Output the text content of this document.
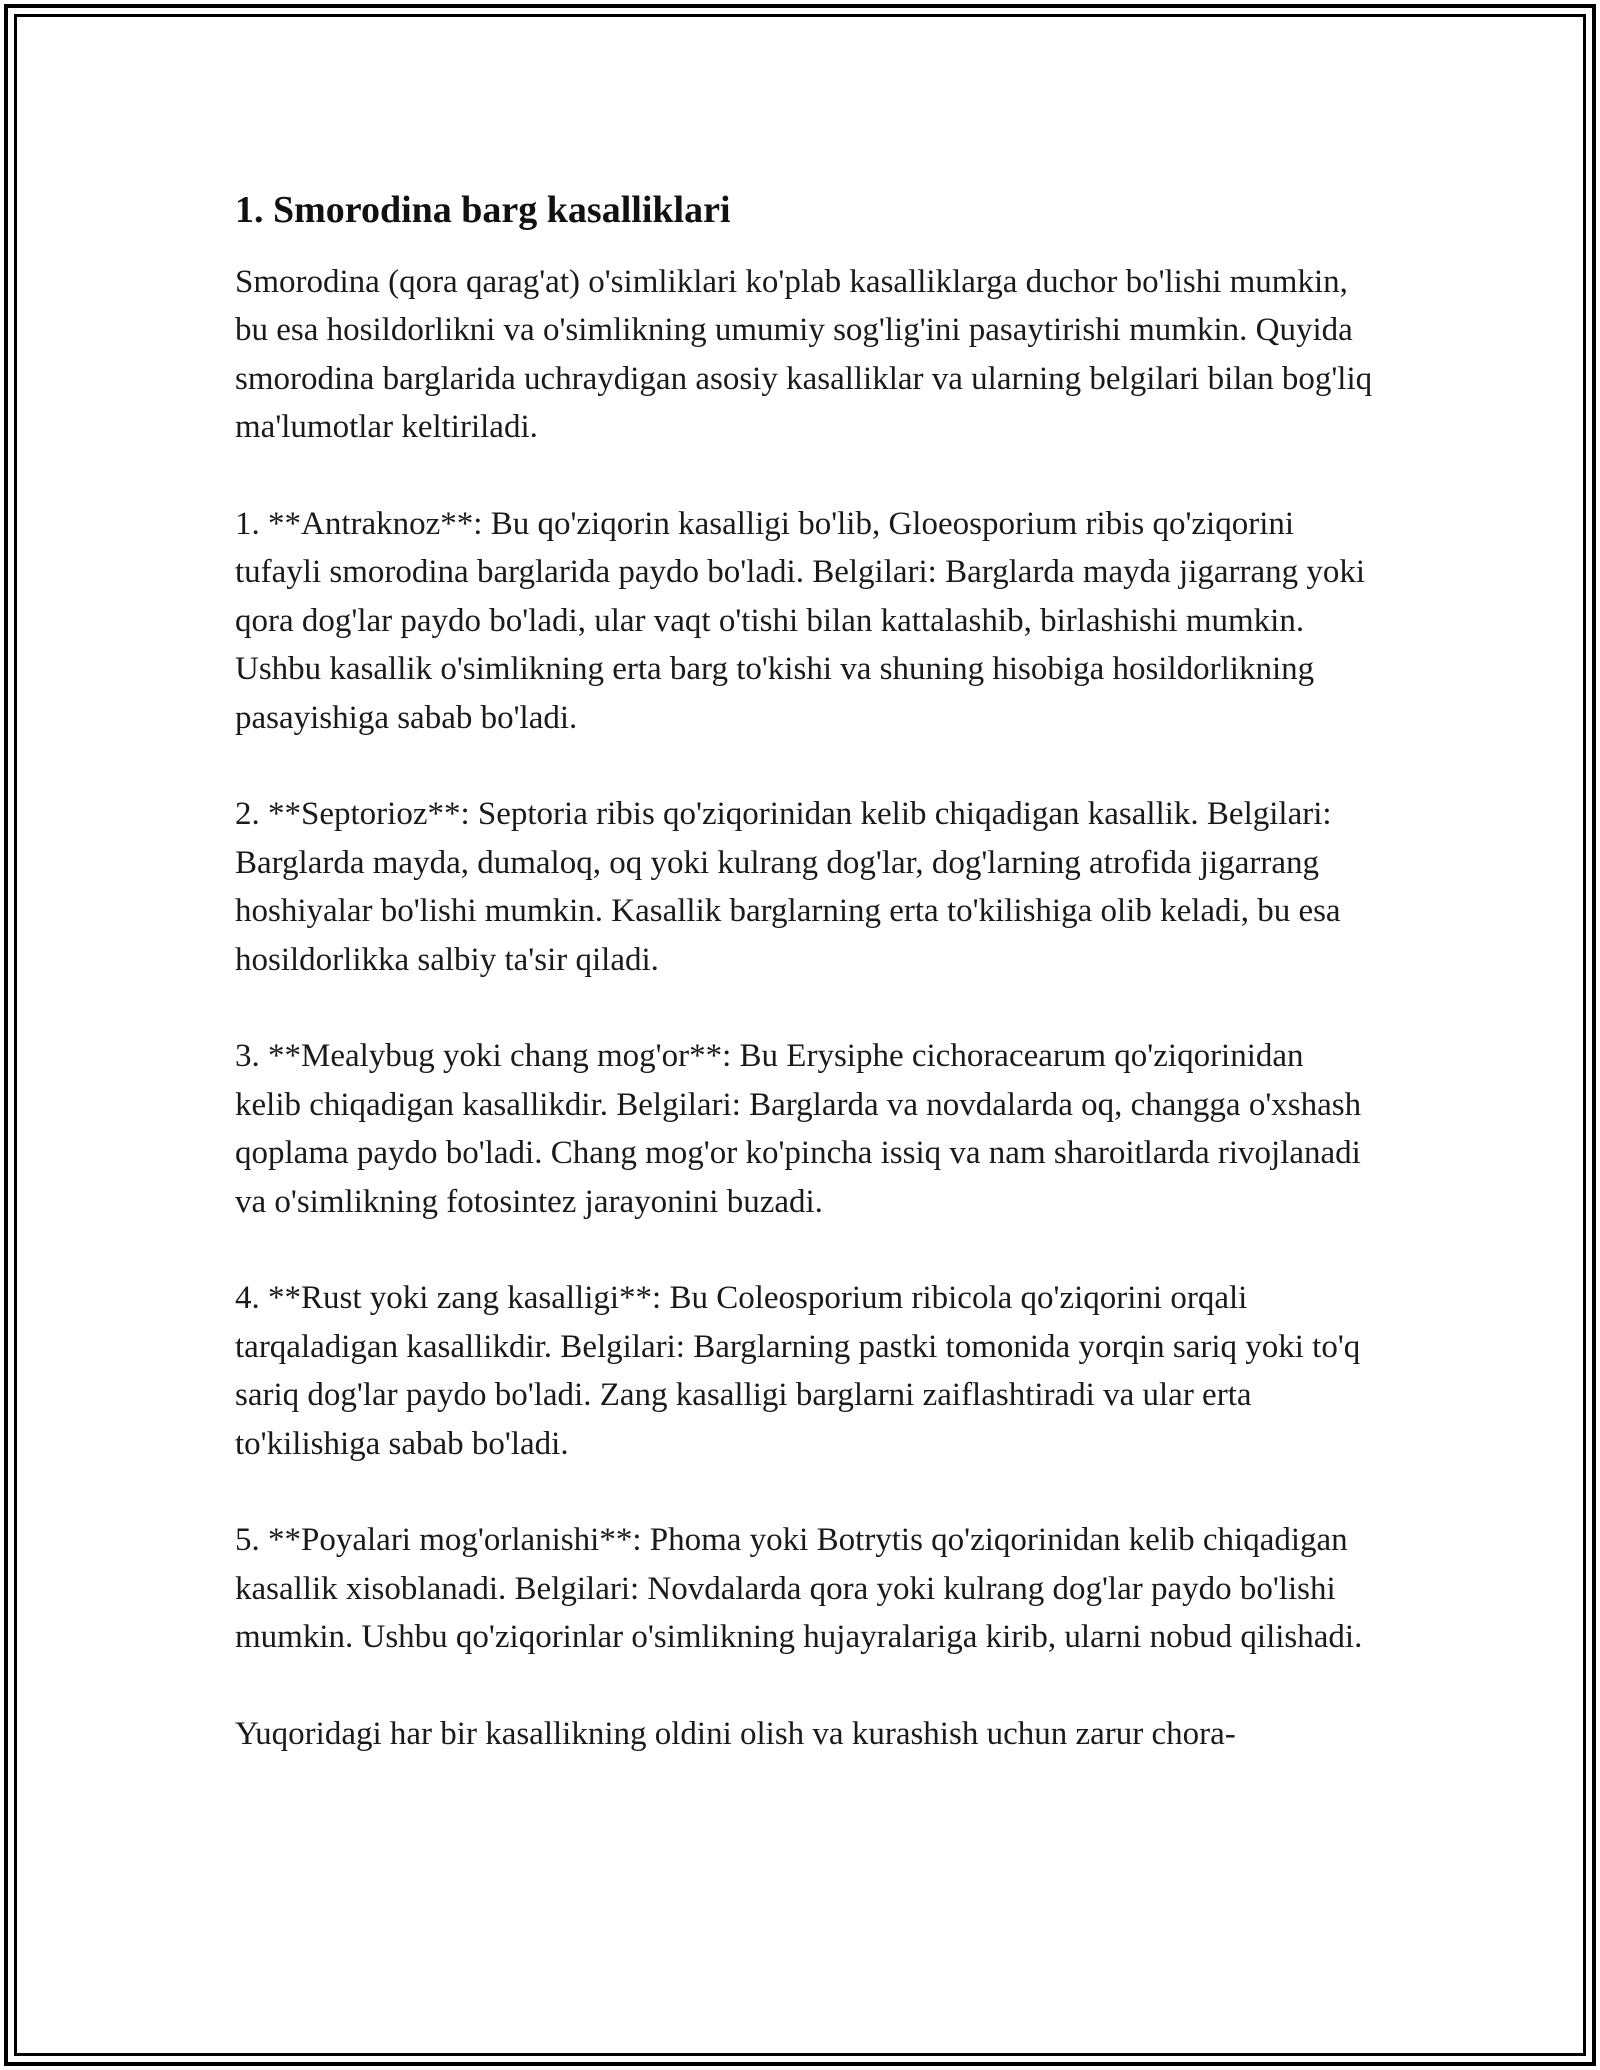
1. Smorodina barg kasalliklari

Smorodina (qora qarag'at) o'simliklari ko'plab kasalliklarga duchor bo'lishi mumkin, bu esa hosildorlikni va o'simlikning umumiy sog'lig'ini pasaytirishi mumkin. Quyida smorodina barglarida uchraydigan asosiy kasalliklar va ularning belgilari bilan bog'liq ma'lumotlar keltiriladi.

1. **Antraknoz**: Bu qo'ziqorin kasalligi bo'lib, Gloeosporium ribis qo'ziqorini tufayli smorodina barglarida paydo bo'ladi. Belgilari: Barglarda mayda jigarrang yoki qora dog'lar paydo bo'ladi, ular vaqt o'tishi bilan kattalashib, birlashishi mumkin. Ushbu kasallik o'simlikning erta barg to'kishi va shuning hisobiga hosildorlikning pasayishiga sabab bo'ladi.

2. **Septorioz**: Septoria ribis qo'ziqorinidan kelib chiqadigan kasallik. Belgilari: Barglarda mayda, dumaloq, oq yoki kulrang dog'lar, dog'larning atrofida jigarrang hoshiyalar bo'lishi mumkin. Kasallik barglarning erta to'kilishiga olib keladi, bu esa hosildorlikka salbiy ta'sir qiladi.

3. **Mealybug yoki chang mog'or**: Bu Erysiphe cichoracearum qo'ziqorinidan kelib chiqadigan kasallikdir. Belgilari: Barglarda va novdalarda oq, changga o'xshash qoplama paydo bo'ladi. Chang mog'or ko'pincha issiq va nam sharoitlarda rivojlanadi va o'simlikning fotosintez jarayonini buzadi.

4. **Rust yoki zang kasalligi**: Bu Coleosporium ribicola qo'ziqorini orqali tarqaladigan kasallikdir. Belgilari: Barglarning pastki tomonida yorqin sariq yoki to'q sariq dog'lar paydo bo'ladi. Zang kasalligi barglarni zaiflashtiradi va ular erta to'kilishiga sabab bo'ladi.

5. **Poyalari mog'orlanishi**: Phoma yoki Botrytis qo'ziqorinidan kelib chiqadigan kasallik xisoblanadi. Belgilari: Novdalarda qora yoki kulrang dog'lar paydo bo'lishi mumkin. Ushbu qo'ziqorinlar o'simlikning hujayralariga kirib, ularni nobud qilishadi.

Yuqoridagi har bir kasallikning oldini olish va kurashish uchun zarur chora-
